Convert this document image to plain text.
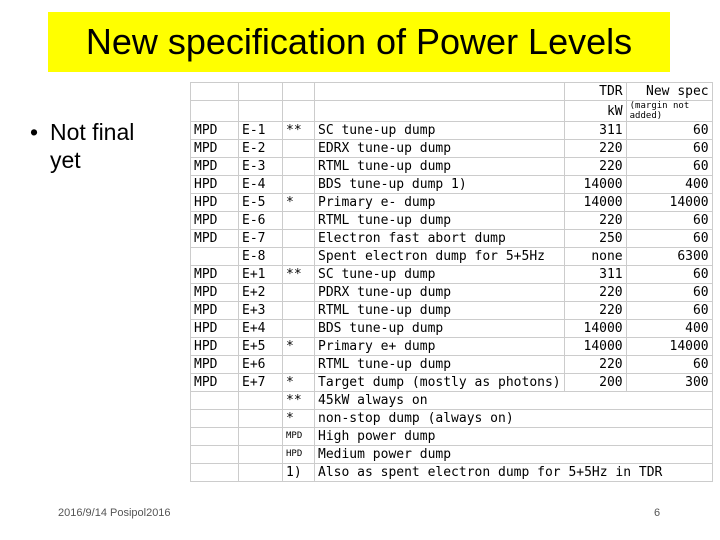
New specification of Power Levels
• Not final yet
				TDR	New spec
				kW	(margin not added)
MPD	E-1	**	SC tune-up dump	311	60
MPD	E-2		EDRX tune-up dump	220	60
MPD	E-3		RTML tune-up dump	220	60
HPD	E-4		BDS tune-up dump 1)	14000	400
HPD	E-5	*	Primary e- dump	14000	14000
MPD	E-6		RTML tune-up dump	220	60
MPD	E-7		Electron fast abort dump	250	60
	E-8		Spent electron dump for 5+5Hz	none	6300
MPD	E+1	**	SC tune-up dump	311	60
MPD	E+2		PDRX tune-up dump	220	60
MPD	E+3		RTML tune-up dump	220	60
HPD	E+4		BDS tune-up dump	14000	400
HPD	E+5	*	Primary e+ dump	14000	14000
MPD	E+6		RTML tune-up dump	220	60
MPD	E+7	*	Target dump (mostly as photons)	200	300
		**	45kW always on		
		*	non-stop dump (always on)		
		MPD	High power dump		
		HPD	Medium power dump		
		1)	Also as spent electron dump for 5+5Hz in TDR		
2016/9/14 Posipol2016	6
